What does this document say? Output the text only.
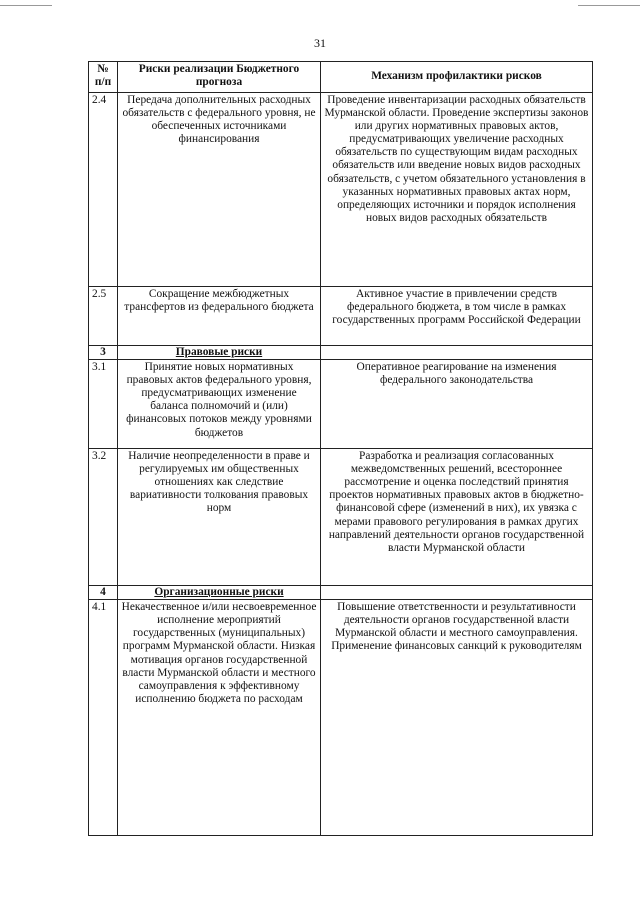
31
№ п/п	Риски реализации Бюджетного прогноза	Механизм профилактики рисков
2.4	Передача дополнительных расходных обязательств с федерального уровня, не обеспеченных источниками финансирования	Проведение инвентаризации расходных обязательств Мурманской области. Проведение экспертизы законов или других нормативных правовых актов, предусматривающих увеличение расходных обязательств по существующим видам расходных обязательств или введение новых видов расходных обязательств, с учетом обязательного установления в указанных нормативных правовых актах норм, определяющих источники и порядок исполнения новых видов расходных обязательств
2.5	Сокращение межбюджетных трансфертов из федерального бюджета	Активное участие в привлечении средств федерального бюджета, в том числе в рамках государственных программ Российской Федерации
3	Правовые риски	
3.1	Принятие новых нормативных правовых актов федерального уровня, предусматривающих изменение баланса полномочий и (или) финансовых потоков между уровнями бюджетов	Оперативное реагирование на изменения федерального законодательства
3.2	Наличие неопределенности в праве и регулируемых им общественных отношениях как следствие вариативности толкования правовых норм	Разработка и реализация согласованных межведомственных решений, всестороннее рассмотрение и оценка последствий принятия проектов нормативных правовых актов в бюджетно-финансовой сфере (изменений в них), их увязка с мерами правового регулирования в рамках других направлений деятельности органов государственной власти Мурманской области
4	Организационные риски	
4.1	Некачественное и/или несвоевременное исполнение мероприятий государственных (муниципальных) программ Мурманской области. Низкая мотивация органов государственной власти Мурманской области и местного самоуправления к эффективному исполнению бюджета по расходам	Повышение ответственности и результативности деятельности органов государственной власти Мурманской области и местного самоуправления. Применение финансовых санкций к руководителям
